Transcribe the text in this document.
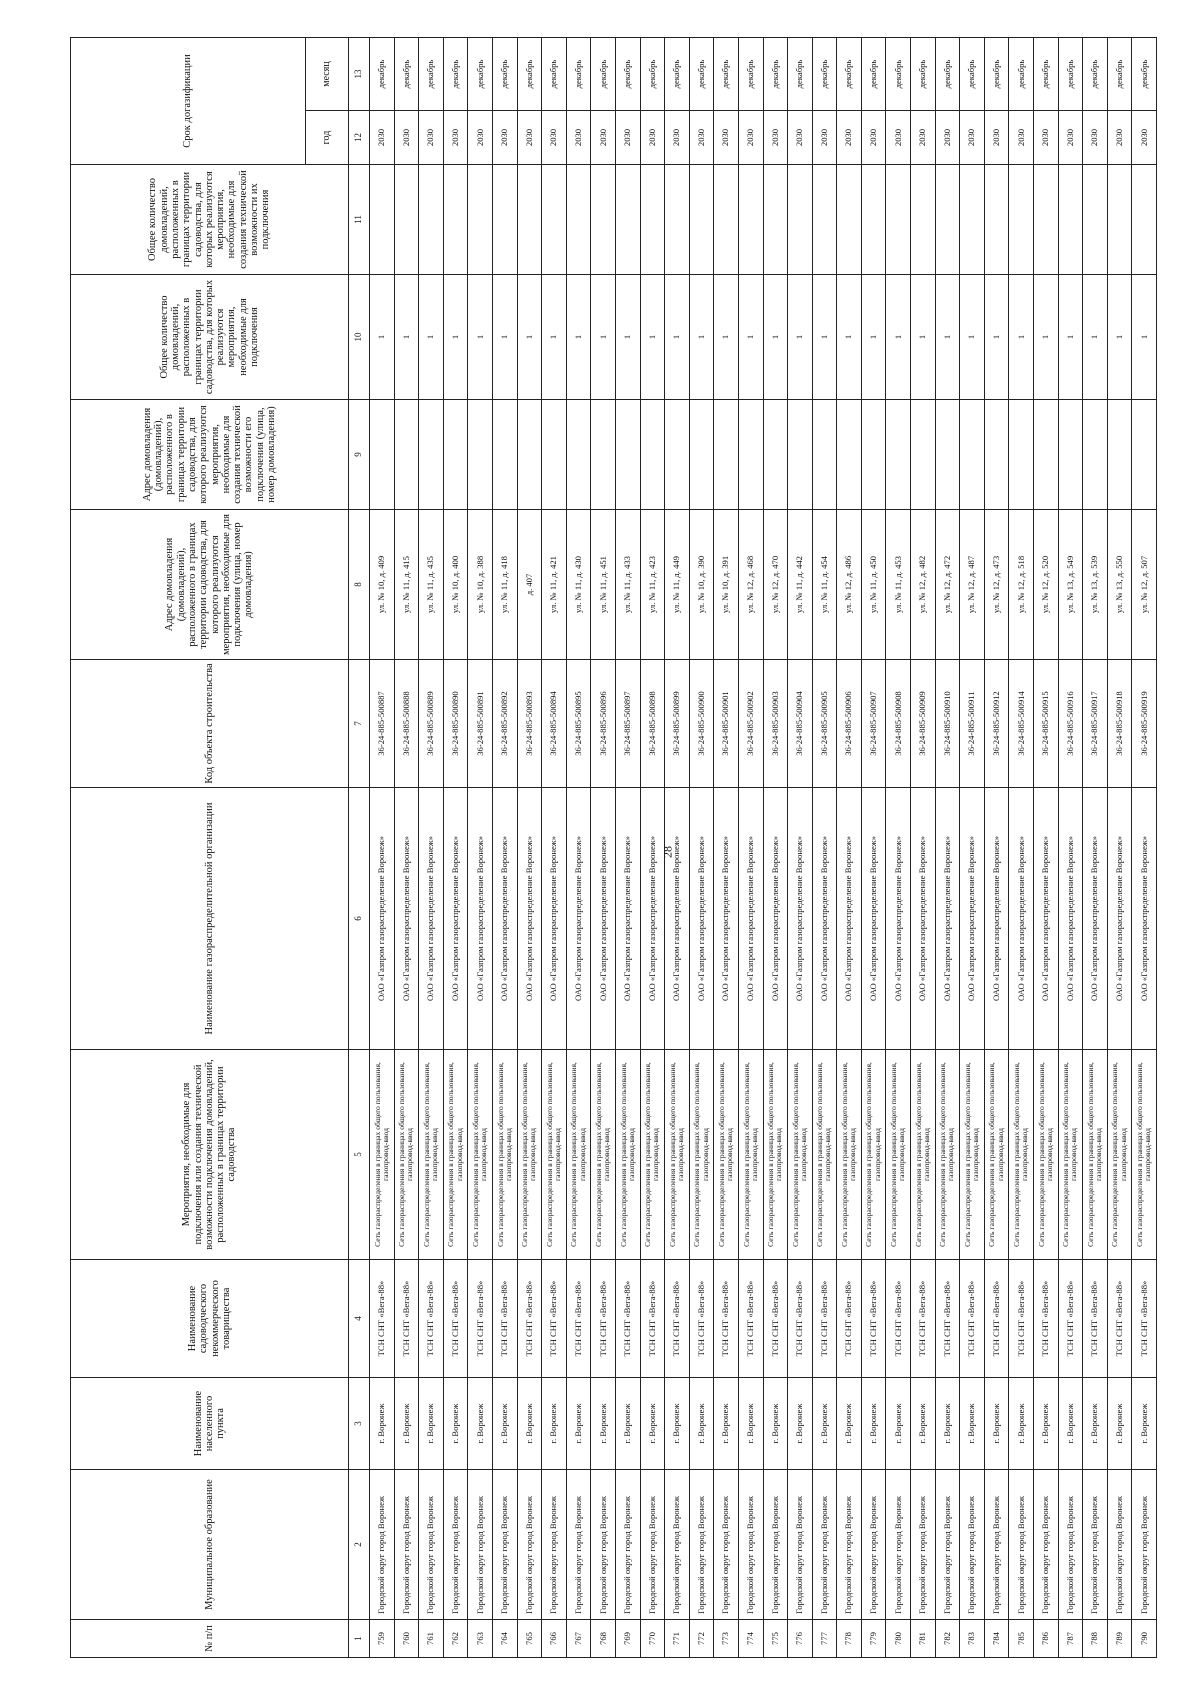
28
№ п/п	Муниципальное образование	Наименование населенного пункта	Наименование садоводческого некоммерческого товарищества	Мероприятия, необходимые для подключения или создания технической возможности подключения домовладений, расположенных в границах территории садоводства	Наименование газораспределительной организации	Код объекта строительства	Адрес домовладения (домовладений), расположенного в границах территории садоводства, для которого реализуются мероприятия, необходимые для подключения (улица, номер домовладения)	Адрес домовладения (домовладений), расположенного в границах территории садоводства, для которого реализуются мероприятия, необходимые для создания технической возможности его подключения (улица, номер домовладения)	Общее количество домовладений, расположенных в границах территории садоводства, для которых реализуются мероприятия, необходимые для подключения	Общее количество домовладений, расположенных в границах территории садоводства, для которых реализуются мероприятия, необходимые для создания технической возможности их подключения	Срок догазификации	
											год	месяц
1	2	3	4	5	6	7	8	9	10	11	12	13
759	Городской округ город Воронеж	г. Воронеж	ТСН СНТ «Вега-88»	Сеть газораспределения в границах общего пользования, газопровод-ввод	ОАО «Газпром газораспределение Воронеж»	36-24-885-500887	ул. № 10, д. 409		1		2030	декабрь
760	Городской округ город Воронеж	г. Воронеж	ТСН СНТ «Вега-88»	Сеть газораспределения в границах общего пользования, газопровод-ввод	ОАО «Газпром газораспределение Воронеж»	36-24-885-500888	ул. № 11, д. 415		1		2030	декабрь
761	Городской округ город Воронеж	г. Воронеж	ТСН СНТ «Вега-88»	Сеть газораспределения в границах общего пользования, газопровод-ввод	ОАО «Газпром газораспределение Воронеж»	36-24-885-500889	ул. № 11, д. 435		1		2030	декабрь
762	Городской округ город Воронеж	г. Воронеж	ТСН СНТ «Вега-88»	Сеть газораспределения в границах общего пользования, газопровод-ввод	ОАО «Газпром газораспределение Воронеж»	36-24-885-500890	ул. № 10, д. 400		1		2030	декабрь
763	Городской округ город Воронеж	г. Воронеж	ТСН СНТ «Вега-88»	Сеть газораспределения в границах общего пользования, газопровод-ввод	ОАО «Газпром газораспределение Воронеж»	36-24-885-500891	ул. № 10, д. 388		1		2030	декабрь
764	Городской округ город Воронеж	г. Воронеж	ТСН СНТ «Вега-88»	Сеть газораспределения в границах общего пользования, газопровод-ввод	ОАО «Газпром газораспределение Воронеж»	36-24-885-500892	ул. № 11, д. 418		1		2030	декабрь
765	Городской округ город Воронеж	г. Воронеж	ТСН СНТ «Вега-88»	Сеть газораспределения в границах общего пользования, газопровод-ввод	ОАО «Газпром газораспределение Воронеж»	36-24-885-500893	д. 407		1		2030	декабрь
766	Городской округ город Воронеж	г. Воронеж	ТСН СНТ «Вега-88»	Сеть газораспределения в границах общего пользования, газопровод-ввод	ОАО «Газпром газораспределение Воронеж»	36-24-885-500894	ул. № 11, д. 421		1		2030	декабрь
767	Городской округ город Воронеж	г. Воронеж	ТСН СНТ «Вега-88»	Сеть газораспределения в границах общего пользования, газопровод-ввод	ОАО «Газпром газораспределение Воронеж»	36-24-885-500895	ул. № 11, д. 430		1		2030	декабрь
768	Городской округ город Воронеж	г. Воронеж	ТСН СНТ «Вега-88»	Сеть газораспределения в границах общего пользования, газопровод-ввод	ОАО «Газпром газораспределение Воронеж»	36-24-885-500896	ул. № 11, д. 451		1		2030	декабрь
769	Городской округ город Воронеж	г. Воронеж	ТСН СНТ «Вега-88»	Сеть газораспределения в границах общего пользования, газопровод-ввод	ОАО «Газпром газораспределение Воронеж»	36-24-885-500897	ул. № 11, д. 433		1		2030	декабрь
770	Городской округ город Воронеж	г. Воронеж	ТСН СНТ «Вега-88»	Сеть газораспределения в границах общего пользования, газопровод-ввод	ОАО «Газпром газораспределение Воронеж»	36-24-885-500898	ул. № 11, д. 423		1		2030	декабрь
771	Городской округ город Воронеж	г. Воронеж	ТСН СНТ «Вега-88»	Сеть газораспределения в границах общего пользования, газопровод-ввод	ОАО «Газпром газораспределение Воронеж»	36-24-885-500899	ул. № 11, д. 449		1		2030	декабрь
772	Городской округ город Воронеж	г. Воронеж	ТСН СНТ «Вега-88»	Сеть газораспределения в границах общего пользования, газопровод-ввод	ОАО «Газпром газораспределение Воронеж»	36-24-885-500900	ул. № 10, д. 390		1		2030	декабрь
773	Городской округ город Воронеж	г. Воронеж	ТСН СНТ «Вега-88»	Сеть газораспределения в границах общего пользования, газопровод-ввод	ОАО «Газпром газораспределение Воронеж»	36-24-885-500901	ул. № 10, д. 391		1		2030	декабрь
774	Городской округ город Воронеж	г. Воронеж	ТСН СНТ «Вега-88»	Сеть газораспределения в границах общего пользования, газопровод-ввод	ОАО «Газпром газораспределение Воронеж»	36-24-885-500902	ул. № 12, д. 468		1		2030	декабрь
775	Городской округ город Воронеж	г. Воронеж	ТСН СНТ «Вега-88»	Сеть газораспределения в границах общего пользования, газопровод-ввод	ОАО «Газпром газораспределение Воронеж»	36-24-885-500903	ул. № 12, д. 470		1		2030	декабрь
776	Городской округ город Воронеж	г. Воронеж	ТСН СНТ «Вега-88»	Сеть газораспределения в границах общего пользования, газопровод-ввод	ОАО «Газпром газораспределение Воронеж»	36-24-885-500904	ул. № 11, д. 442		1		2030	декабрь
777	Городской округ город Воронеж	г. Воронеж	ТСН СНТ «Вега-88»	Сеть газораспределения в границах общего пользования, газопровод-ввод	ОАО «Газпром газораспределение Воронеж»	36-24-885-500905	ул. № 11, д. 454		1		2030	декабрь
778	Городской округ город Воронеж	г. Воронеж	ТСН СНТ «Вега-88»	Сеть газораспределения в границах общего пользования, газопровод-ввод	ОАО «Газпром газораспределение Воронеж»	36-24-885-500906	ул. № 12, д. 486		1		2030	декабрь
779	Городской округ город Воронеж	г. Воронеж	ТСН СНТ «Вега-88»	Сеть газораспределения в границах общего пользования, газопровод-ввод	ОАО «Газпром газораспределение Воронеж»	36-24-885-500907	ул. № 11, д. 450		1		2030	декабрь
780	Городской округ город Воронеж	г. Воронеж	ТСН СНТ «Вега-88»	Сеть газораспределения в границах общего пользования, газопровод-ввод	ОАО «Газпром газораспределение Воронеж»	36-24-885-500908	ул. № 11, д. 453		1		2030	декабрь
781	Городской округ город Воронеж	г. Воронеж	ТСН СНТ «Вега-88»	Сеть газораспределения в границах общего пользования, газопровод-ввод	ОАО «Газпром газораспределение Воронеж»	36-24-885-500909	ул. № 12, д. 482		1		2030	декабрь
782	Городской округ город Воронеж	г. Воронеж	ТСН СНТ «Вега-88»	Сеть газораспределения в границах общего пользования, газопровод-ввод	ОАО «Газпром газораспределение Воронеж»	36-24-885-500910	ул. № 12, д. 472		1		2030	декабрь
783	Городской округ город Воронеж	г. Воронеж	ТСН СНТ «Вега-88»	Сеть газораспределения в границах общего пользования, газопровод-ввод	ОАО «Газпром газораспределение Воронеж»	36-24-885-500911	ул. № 12, д. 487		1		2030	декабрь
784	Городской округ город Воронеж	г. Воронеж	ТСН СНТ «Вега-88»	Сеть газораспределения в границах общего пользования, газопровод-ввод	ОАО «Газпром газораспределение Воронеж»	36-24-885-500912	ул. № 12, д. 473		1		2030	декабрь
785	Городской округ город Воронеж	г. Воронеж	ТСН СНТ «Вега-88»	Сеть газораспределения в границах общего пользования, газопровод-ввод	ОАО «Газпром газораспределение Воронеж»	36-24-885-500914	ул. № 12, д. 518		1		2030	декабрь
786	Городской округ город Воронеж	г. Воронеж	ТСН СНТ «Вега-88»	Сеть газораспределения в границах общего пользования, газопровод-ввод	ОАО «Газпром газораспределение Воронеж»	36-24-885-500915	ул. № 12, д. 520		1		2030	декабрь
787	Городской округ город Воронеж	г. Воронеж	ТСН СНТ «Вега-88»	Сеть газораспределения в границах общего пользования, газопровод-ввод	ОАО «Газпром газораспределение Воронеж»	36-24-885-500916	ул. № 13, д. 549		1		2030	декабрь
788	Городской округ город Воронеж	г. Воронеж	ТСН СНТ «Вега-88»	Сеть газораспределения в границах общего пользования, газопровод-ввод	ОАО «Газпром газораспределение Воронеж»	36-24-885-500917	ул. № 13, д. 539		1		2030	декабрь
789	Городской округ город Воронеж	г. Воронеж	ТСН СНТ «Вега-88»	Сеть газораспределения в границах общего пользования, газопровод-ввод	ОАО «Газпром газораспределение Воронеж»	36-24-885-500918	ул. № 13, д. 550		1		2030	декабрь
790	Городской округ город Воронеж	г. Воронеж	ТСН СНТ «Вега-88»	Сеть газораспределения в границах общего пользования, газопровод-ввод	ОАО «Газпром газораспределение Воронеж»	36-24-885-500919	ул. № 12, д. 507		1		2030	декабрь
